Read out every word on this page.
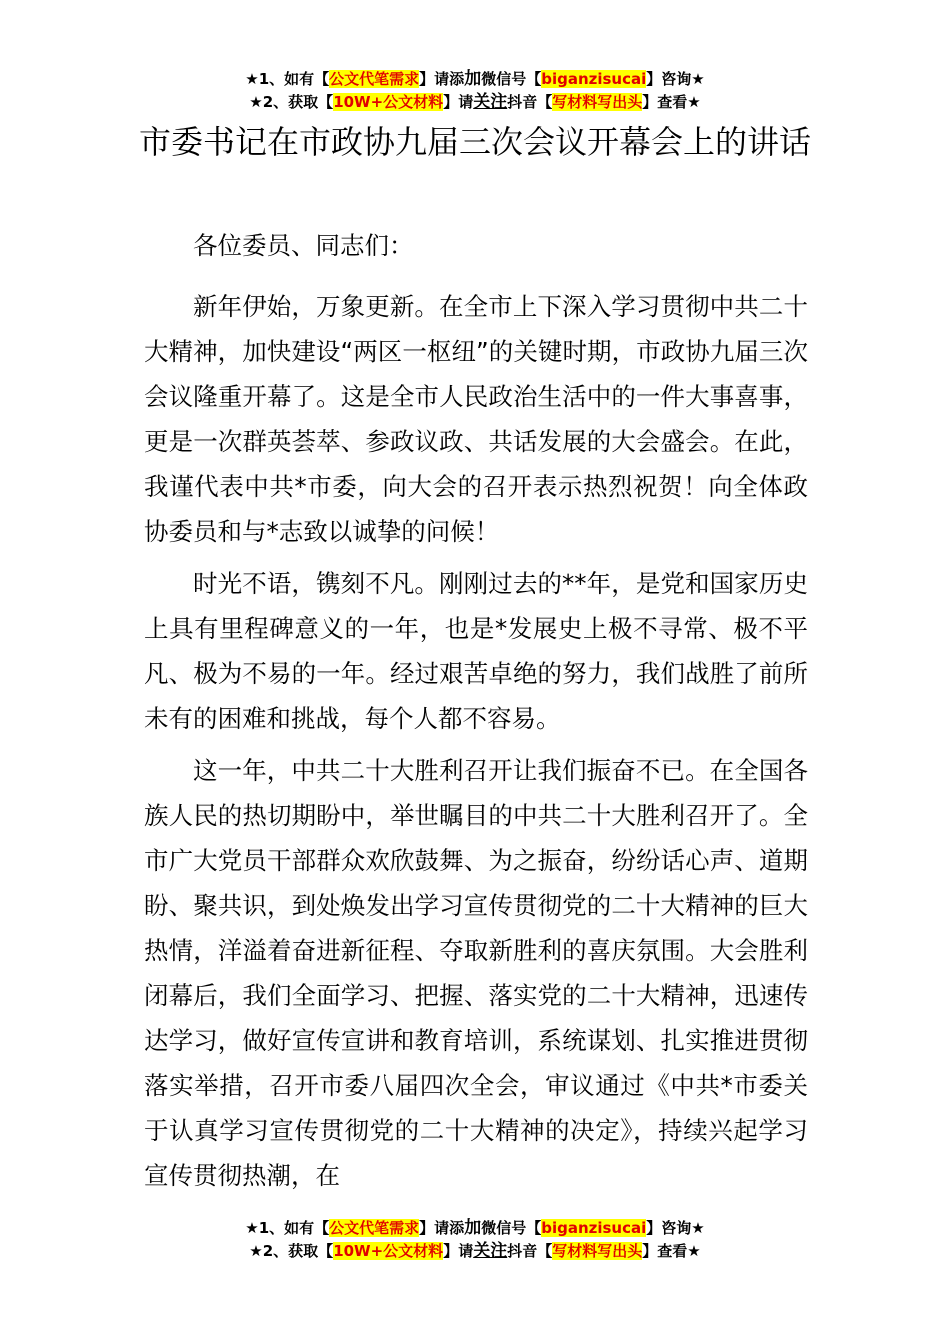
★1、如有【公文代笔需求】请添加微信号【biganzisucai】咨询★
★2、获取【10W+公文材料】请关注抖音【写材料写出头】查看★
市委书记在市政协九届三次会议开幕会上的讲话

各位委员、同志们：

新年伊始，万象更新。在全市上下深入学习贯彻中共二十大精神，加快建设“两区一枢纽”的关键时期，市政协九届三次会议隆重开幕了。这是全市人民政治生活中的一件大事喜事，更是一次群英荟萃、参政议政、共话发展的大会盛会。在此，我谨代表中共*市委，向大会的召开表示热烈祝贺！向全体政协委员和与*志致以诚挚的问候！

时光不语，镌刻不凡。刚刚过去的**年，是党和国家历史上具有里程碑意义的一年，也是*发展史上极不寻常、极不平凡、极为不易的一年。经过艰苦卓绝的努力，我们战胜了前所未有的困难和挑战，每个人都不容易。

这一年，中共二十大胜利召开让我们振奋不已。在全国各族人民的热切期盼中，举世瞩目的中共二十大胜利召开了。全市广大党员干部群众欢欣鼓舞、为之振奋，纷纷话心声、道期盼、聚共识，到处焕发出学习宣传贯彻党的二十大精神的巨大热情，洋溢着奋进新征程、夺取新胜利的喜庆氛围。大会胜利闭幕后，我们全面学习、把握、落实党的二十大精神，迅速传达学习，做好宣传宣讲和教育培训，系统谋划、扎实推进贯彻落实举措，召开市委八届四次全会，审议通过《中共*市委关于认真学习宣传贯彻党的二十大精神的决定》，持续兴起学习宣传贯彻热潮，在

★1、如有【公文代笔需求】请添加微信号【biganzisucai】咨询★
★2、获取【10W+公文材料】请关注抖音【写材料写出头】查看★
